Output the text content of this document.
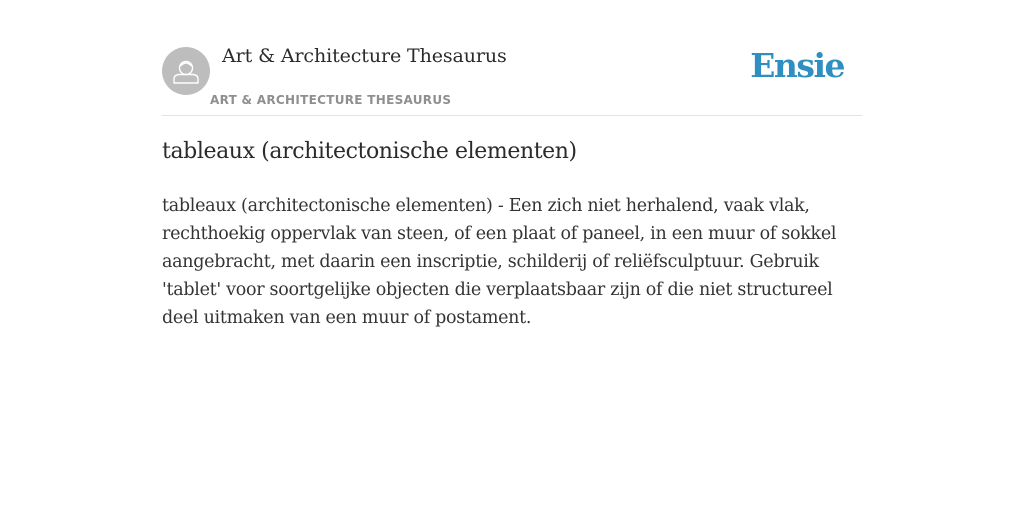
Art & Architecture Thesaurus
ART & ARCHITECTURE THESAURUS
Ensie
tableaux (architectonische elementen)

tableaux (architectonische elementen) - Een zich niet herhalend, vaak vlak, rechthoekig oppervlak van steen, of een plaat of paneel, in een muur of sokkel aangebracht, met daarin een inscriptie, schilderij of reliëfsculptuur. Gebruik 'tablet' voor soortgelijke objecten die verplaatsbaar zijn of die niet structureel deel uitmaken van een muur of postament.
